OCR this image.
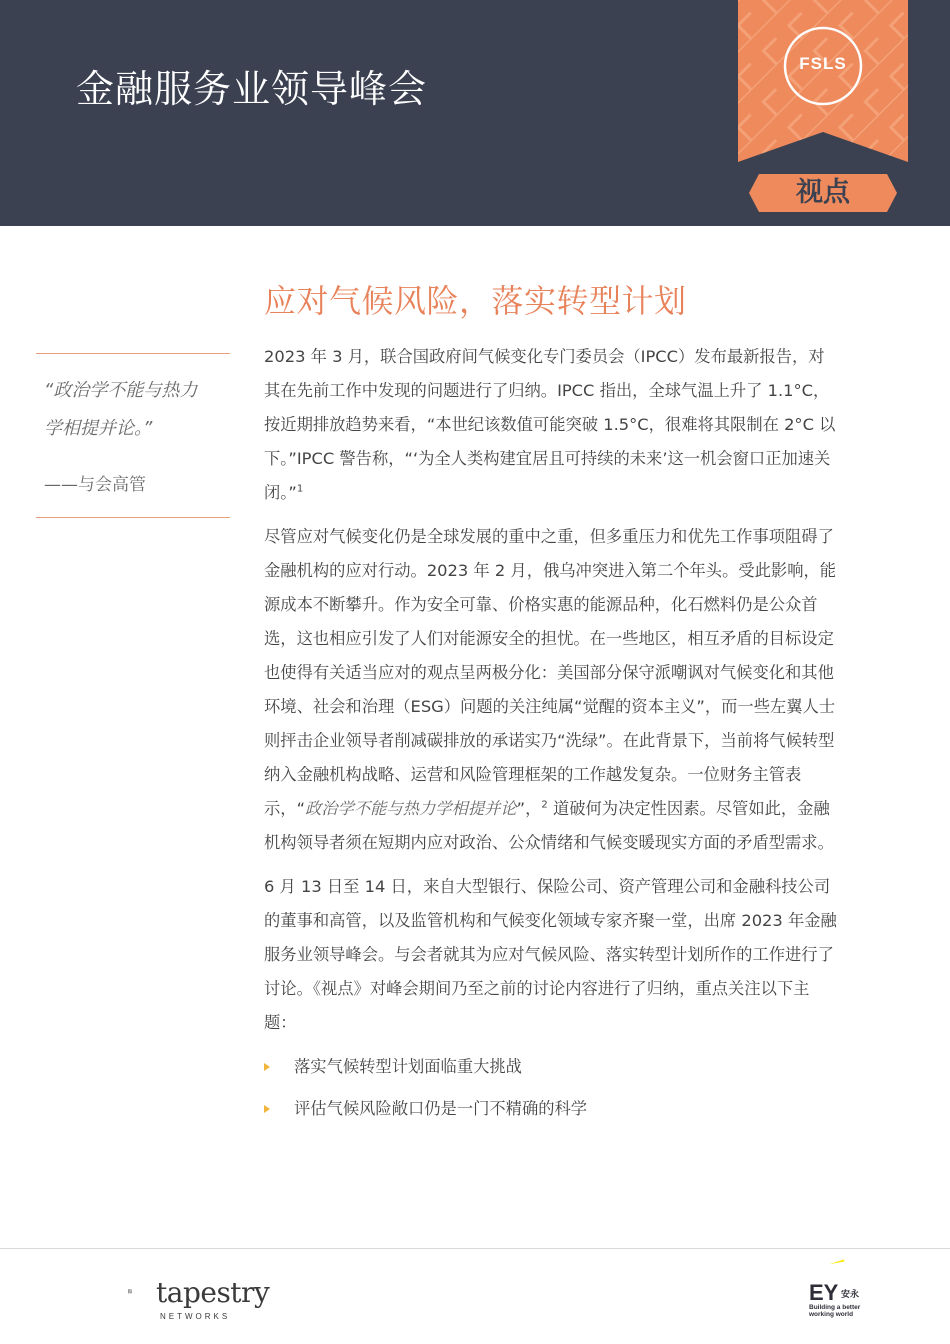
金融服务业领导峰会
FSLS
视点
应对气候风险，落实转型计划
“政治学不能与热力
学相提并论。”
——与会高管

2023 年 3 月，联合国政府间气候变化专门委员会（IPCC）发布最新报告，对其在先前工作中发现的问题进行了归纳。IPCC 指出，全球气温上升了 1.1°C，按近期排放趋势来看，“本世纪该数值可能突破 1.5°C，很难将其限制在 2°C 以下。”IPCC 警告称，“‘为全人类构建宜居且可持续的未来’这一机会窗口正加速关闭。”$^1$

尽管应对气候变化仍是全球发展的重中之重，但多重压力和优先工作事项阻碍了金融机构的应对行动。2023 年 2 月，俄乌冲突进入第二个年头。受此影响，能源成本不断攀升。作为安全可靠、价格实惠的能源品种，化石燃料仍是公众首选，这也相应引发了人们对能源安全的担忧。在一些地区，相互矛盾的目标设定也使得有关适当应对的观点呈两极分化：美国部分保守派嘲讽对气候变化和其他环境、社会和治理（ESG）问题的关注纯属“觉醒的资本主义”，而一些左翼人士则抨击企业领导者削减碳排放的承诺实乃“洗绿”。在此背景下，当前将气候转型纳入金融机构战略、运营和风险管理框架的工作越发复杂。一位财务主管表示，“政治学不能与热力学相提并论”，$^2$ 道破何为决定性因素。尽管如此，金融机构领导者须在短期内应对政治、公众情绪和气候变暖现实方面的矛盾型需求。

6 月 13 日至 14 日，来自大型银行、保险公司、资产管理公司和金融科技公司的董事和高管，以及监管机构和气候变化领域专家齐聚一堂，出席 2023 年金融服务业领导峰会。与会者就其为应对气候风险、落实转型计划所作的工作进行了讨论。《视点》对峰会期间乃至之前的讨论内容进行了归纳，重点关注以下主题：

落实气候转型计划面临重大挑战
评估气候风险敞口仍是一门不精确的科学
tapestry
NETWORKS
EY 安永
Building a better
working world
